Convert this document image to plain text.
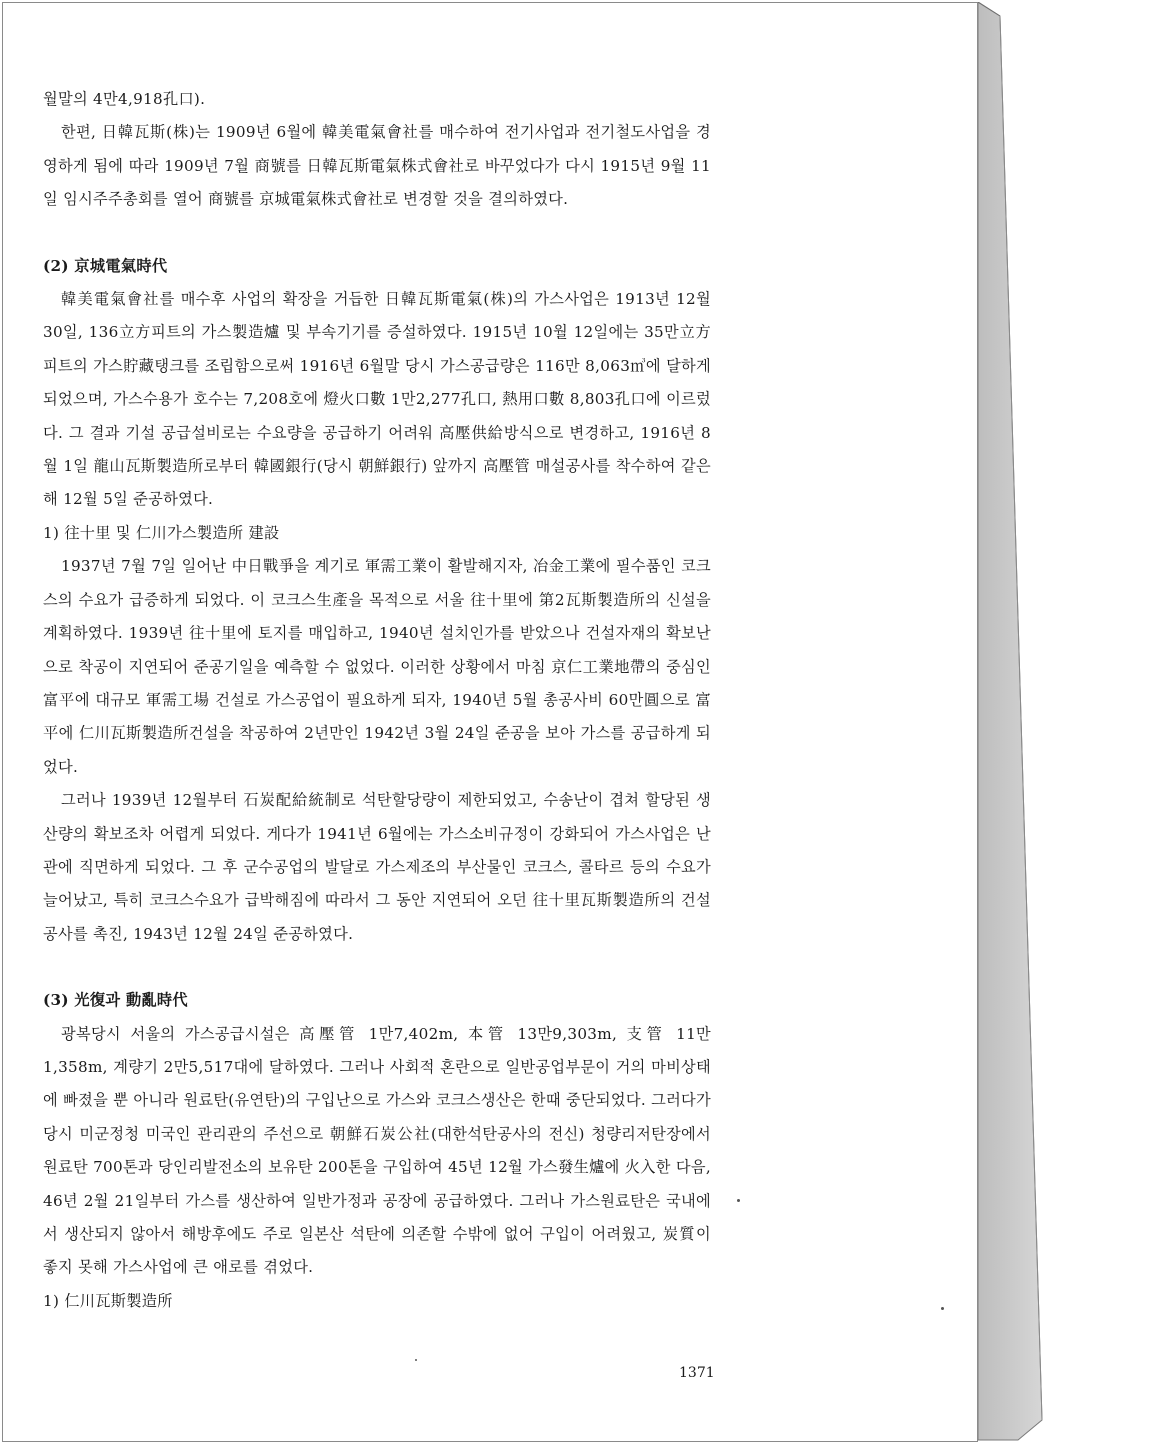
월말의 4만4,918孔口).

한편, 日韓瓦斯(株)는 1909년 6월에 韓美電氣會社를 매수하여 전기사업과 전기철도사업을 경영하게 됨에 따라 1909년 7월 商號를 日韓瓦斯電氣株式會社로 바꾸었다가 다시 1915년 9월 11일 임시주주총회를 열어 商號를 京城電氣株式會社로 변경할 것을 결의하였다.

(2) 京城電氣時代

韓美電氣會社를 매수후 사업의 확장을 거듭한 日韓瓦斯電氣(株)의 가스사업은 1913년 12월 30일, 136立方피트의 가스製造爐 및 부속기기를 증설하였다. 1915년 10월 12일에는 35만立方피트의 가스貯藏탱크를 조립함으로써 1916년 6월말 당시 가스공급량은 116만 8,063㎥에 달하게 되었으며, 가스수용가 호수는 7,208호에 燈火口數 1만2,277孔口, 熱用口數 8,803孔口에 이르렀다. 그 결과 기설 공급설비로는 수요량을 공급하기 어려워 高壓供給방식으로 변경하고, 1916년 8월 1일 龍山瓦斯製造所로부터 韓國銀行(당시 朝鮮銀行) 앞까지 高壓管 매설공사를 착수하여 같은 해 12월 5일 준공하였다.

1) 往十里 및 仁川가스製造所 建設

1937년 7월 7일 일어난 中日戰爭을 계기로 軍需工業이 활발해지자, 冶金工業에 필수품인 코크스의 수요가 급증하게 되었다. 이 코크스生產을 목적으로 서울 往十里에 第2瓦斯製造所의 신설을 계획하였다. 1939년 往十里에 토지를 매입하고, 1940년 설치인가를 받았으나 건설자재의 확보난으로 착공이 지연되어 준공기일을 예측할 수 없었다. 이러한 상황에서 마침 京仁工業地帶의 중심인 富平에 대규모 軍需工場 건설로 가스공업이 필요하게 되자, 1940년 5월 총공사비 60만圓으로 富平에 仁川瓦斯製造所건설을 착공하여 2년만인 1942년 3월 24일 준공을 보아 가스를 공급하게 되었다.

그러나 1939년 12월부터 石炭配給統制로 석탄할당량이 제한되었고, 수송난이 겹쳐 할당된 생산량의 확보조차 어렵게 되었다. 게다가 1941년 6월에는 가스소비규정이 강화되어 가스사업은 난관에 직면하게 되었다. 그 후 군수공업의 발달로 가스제조의 부산물인 코크스, 콜타르 등의 수요가 늘어났고, 특히 코크스수요가 급박해짐에 따라서 그 동안 지연되어 오던 往十里瓦斯製造所의 건설공사를 촉진, 1943년 12월 24일 준공하였다.

(3) 光復과 動亂時代

광복당시 서울의 가스공급시설은 高壓管 1만7,402m, 本管 13만9,303m, 支管 11만 1,358m, 계량기 2만5,517대에 달하였다. 그러나 사회적 혼란으로 일반공업부문이 거의 마비상태에 빠졌을 뿐 아니라 원료탄(유연탄)의 구입난으로 가스와 코크스생산은 한때 중단되었다. 그러다가 당시 미군정청 미국인 관리관의 주선으로 朝鮮石炭公社(대한석탄공사의 전신) 청량리저탄장에서 원료탄 700톤과 당인리발전소의 보유탄 200톤을 구입하여 45년 12월 가스發生爐에 火入한 다음, 46년 2월 21일부터 가스를 생산하여 일반가정과 공장에 공급하였다. 그러나 가스원료탄은 국내에서 생산되지 않아서 해방후에도 주로 일본산 석탄에 의존할 수밖에 없어 구입이 어려웠고, 炭質이 좋지 못해 가스사업에 큰 애로를 겪었다.

1) 仁川瓦斯製造所

1371
